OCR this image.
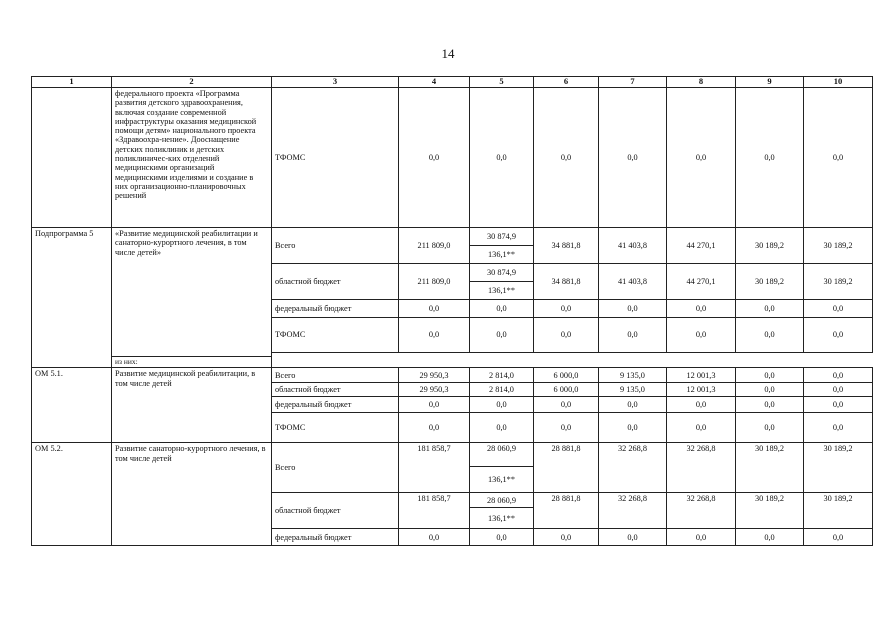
14
1	2	3	4	5	6	7	8	9	10
	федерального проекта «Программа развития детского здравоохранения, включая создание современной инфраструктуры оказания медицинской помощи детям» национального проекта «Здравоохра-нение». Дооснащение детских поликлиник и детских поликлиничес-ких отделений медицинскими организаций медицинскими изделиями и создание в них организационно-планировочных решений	ТФОМС	0,0	0,0	0,0	0,0	0,0	0,0	0,0
Подпрограмма 5	«Развитие медицинской реабилитации и санаторно-курортного лечения, в том числе детей»	Всего	211 809,0	30 874,9	34 881,8	41 403,8	44 270,1	30 189,2	30 189,2
				136,1**					
		областной бюджет	211 809,0	30 874,9	34 881,8	41 403,8	44 270,1	30 189,2	30 189,2
				136,1**					
		федеральный бюджет	0,0	0,0	0,0	0,0	0,0	0,0	0,0
		ТФОМС	0,0	0,0	0,0	0,0	0,0	0,0	0,0

	из них:								
ОМ 5.1.	Развитие медицинской реабилитации, в том числе детей	Всего	29 950,3	2 814,0	6 000,0	9 135,0	12 001,3	0,0	0,0
		областной бюджет	29 950,3	2 814,0	6 000,0	9 135,0	12 001,3	0,0	0,0
		федеральный бюджет	0,0	0,0	0,0	0,0	0,0	0,0	0,0
		ТФОМС	0,0	0,0	0,0	0,0	0,0	0,0	0,0
ОМ 5.2.	Развитие санаторно-курортного лечения, в том числе детей	Всего	181 858,7	28 060,9	28 881,8	32 268,8	32 268,8	30 189,2	30 189,2
				136,1**					
		областной бюджет	181 858,7	28 060,9	28 881,8	32 268,8	32 268,8	30 189,2	30 189,2
				136,1**					
		федеральный бюджет	0,0	0,0	0,0	0,0	0,0	0,0	0,0
